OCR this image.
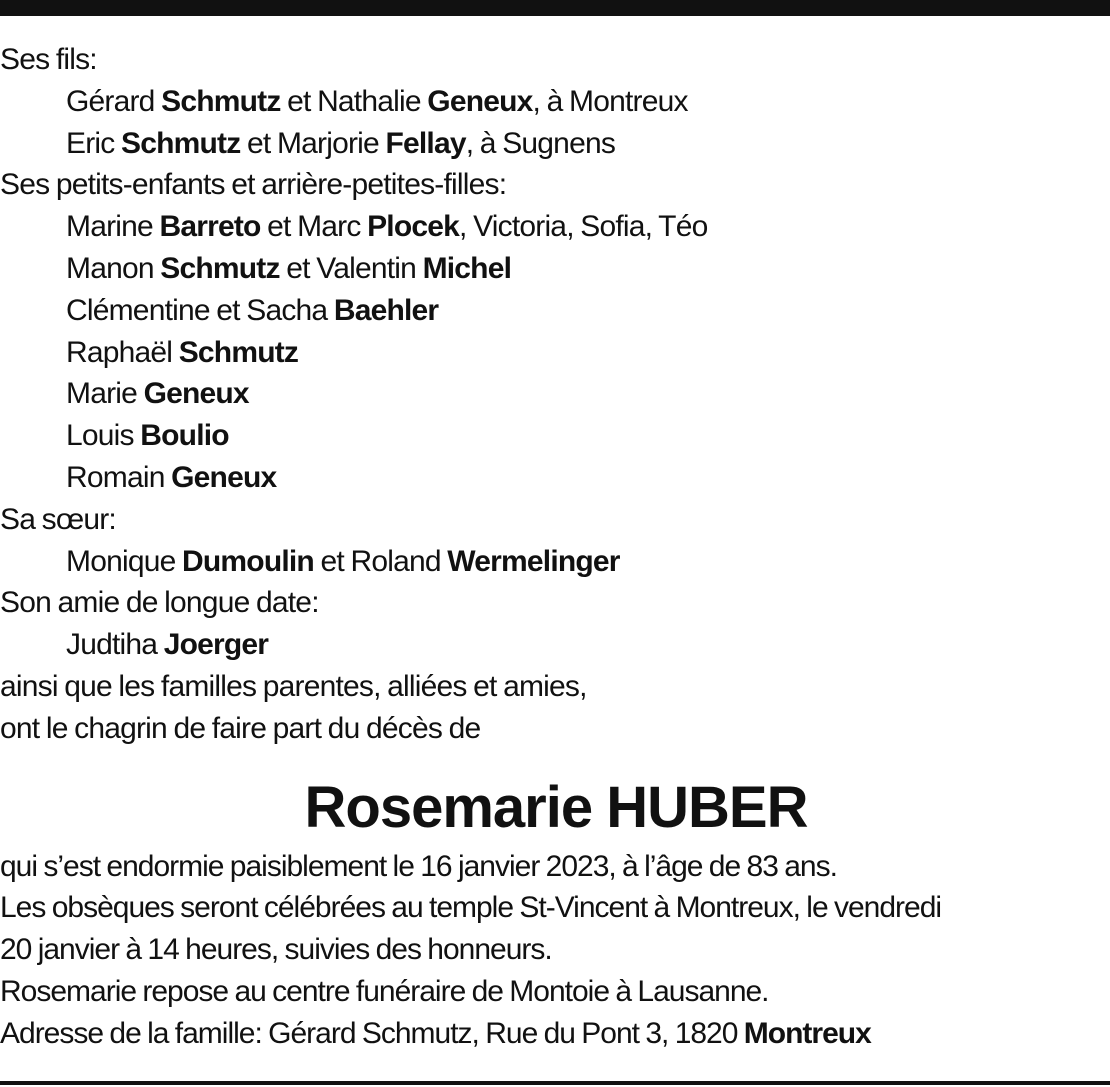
Ses fils:
Gérard Schmutz et Nathalie Geneux, à Montreux
Eric Schmutz et Marjorie Fellay, à Sugnens
Ses petits-enfants et arrière-petites-filles:
Marine Barreto et Marc Plocek, Victoria, Sofia, Téo
Manon Schmutz et Valentin Michel
Clémentine et Sacha Baehler
Raphaël Schmutz
Marie Geneux
Louis Boulio
Romain Geneux
Sa sœur:
Monique Dumoulin et Roland Wermelinger
Son amie de longue date:
Judtiha Joerger
ainsi que les familles parentes, alliées et amies,
ont le chagrin de faire part du décès de
Rosemarie HUBER
qui s’est endormie paisiblement le 16 janvier 2023, à l’âge de 83 ans.
Les obsèques seront célébrées au temple St-Vincent à Montreux, le vendredi
20 janvier à 14 heures, suivies des honneurs.
Rosemarie repose au centre funéraire de Montoie à Lausanne.
Adresse de la famille: Gérard Schmutz, Rue du Pont 3, 1820 Montreux
